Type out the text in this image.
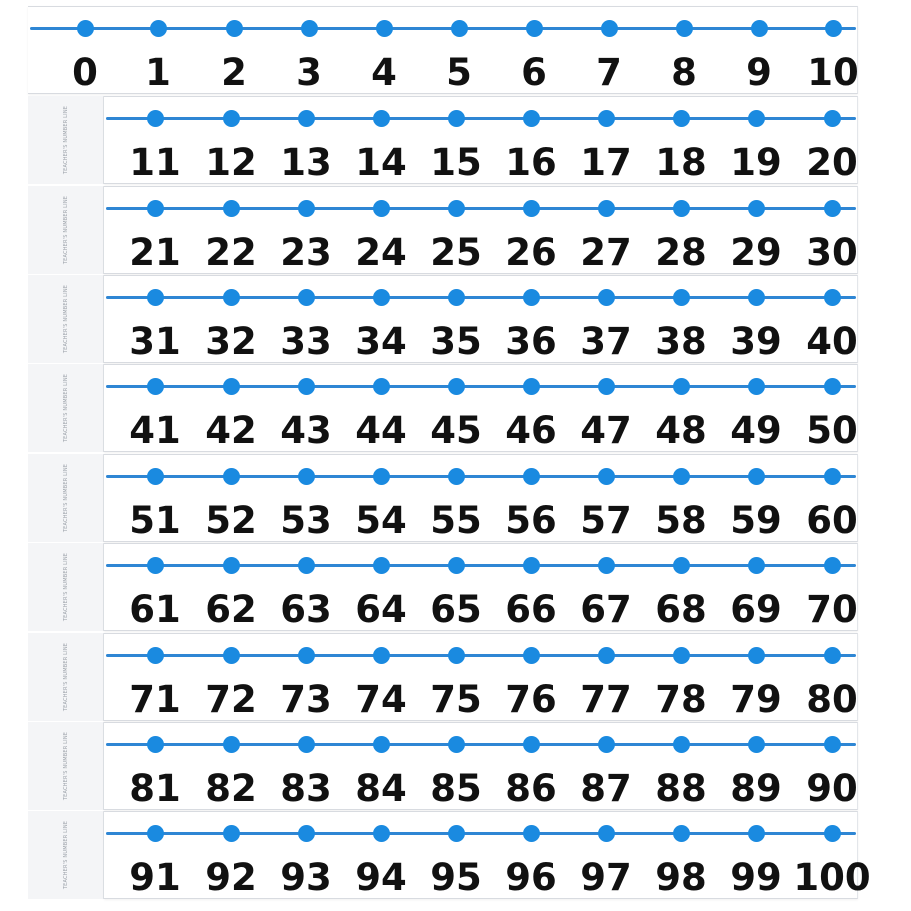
0 1 2 3 4 5 6 7 8 9 10
TEACHER'S NUMBER LINE 11 12 13 14 15 16 17 18 19 20
TEACHER'S NUMBER LINE 21 22 23 24 25 26 27 28 29 30
TEACHER'S NUMBER LINE 31 32 33 34 35 36 37 38 39 40
TEACHER'S NUMBER LINE 41 42 43 44 45 46 47 48 49 50
TEACHER'S NUMBER LINE 51 52 53 54 55 56 57 58 59 60
TEACHER'S NUMBER LINE 61 62 63 64 65 66 67 68 69 70
TEACHER'S NUMBER LINE 71 72 73 74 75 76 77 78 79 80
TEACHER'S NUMBER LINE 81 82 83 84 85 86 87 88 89 90
TEACHER'S NUMBER LINE 91 92 93 94 95 96 97 98 99 100
